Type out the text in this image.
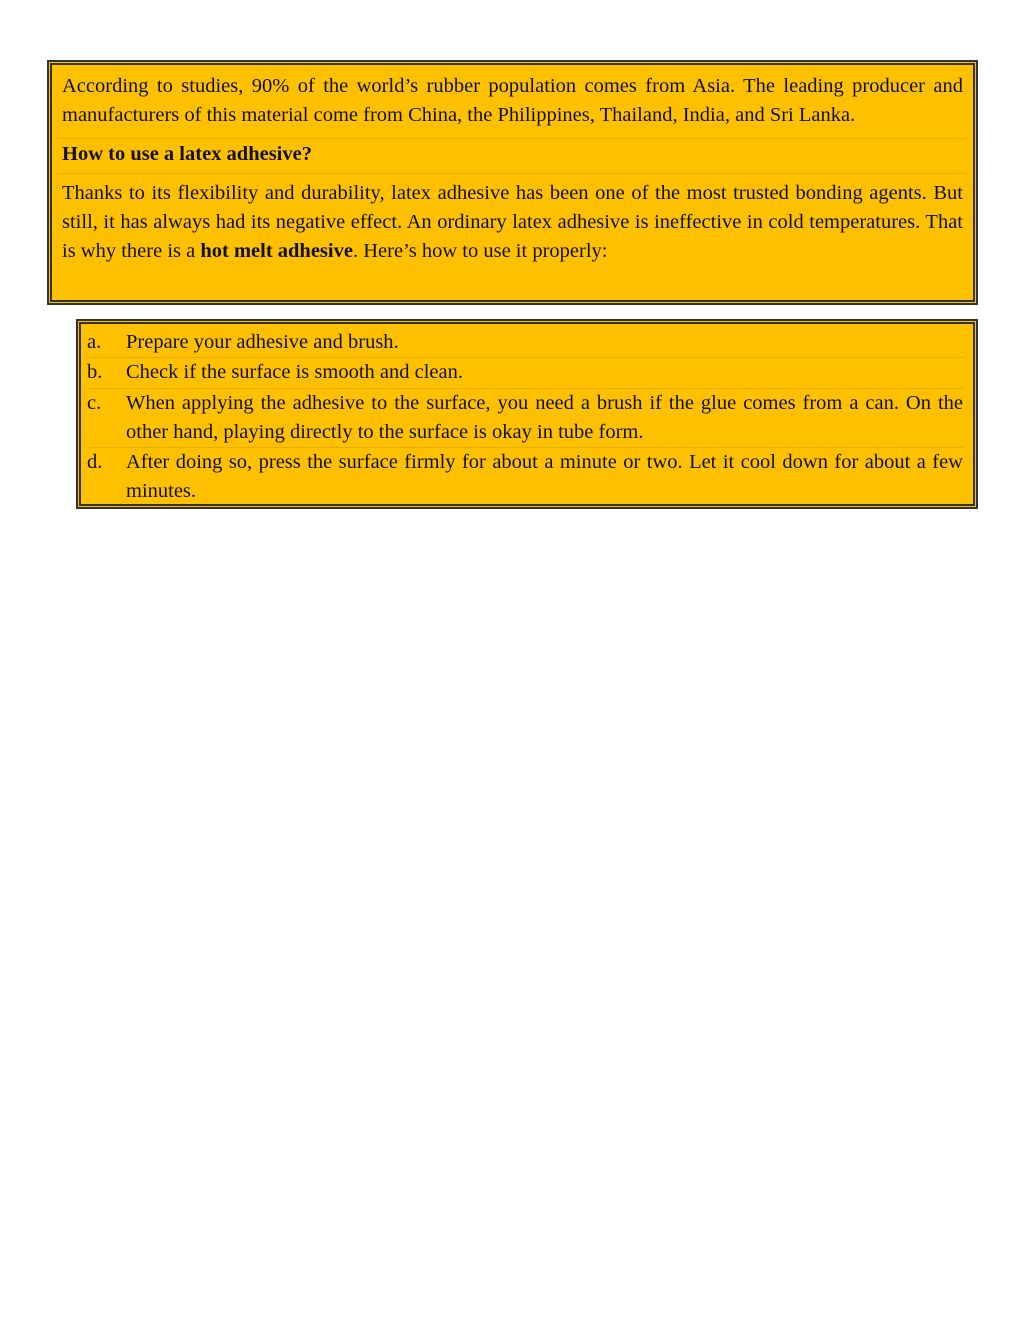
According to studies, 90% of the world’s rubber population comes from Asia. The leading producer and manufacturers of this material come from China, the Philippines, Thailand, India, and Sri Lanka.

How to use a latex adhesive?

Thanks to its flexibility and durability, latex adhesive has been one of the most trusted bonding agents. But still, it has always had its negative effect. An ordinary latex adhesive is ineffective in cold temperatures. That is why there is a hot melt adhesive. Here’s how to use it properly:

a. Prepare your adhesive and brush.
b. Check if the surface is smooth and clean.
c. When applying the adhesive to the surface, you need a brush if the glue comes from a can. On the other hand, playing directly to the surface is okay in tube form.
d. After doing so, press the surface firmly for about a minute or two. Let it cool down for about a few minutes.
